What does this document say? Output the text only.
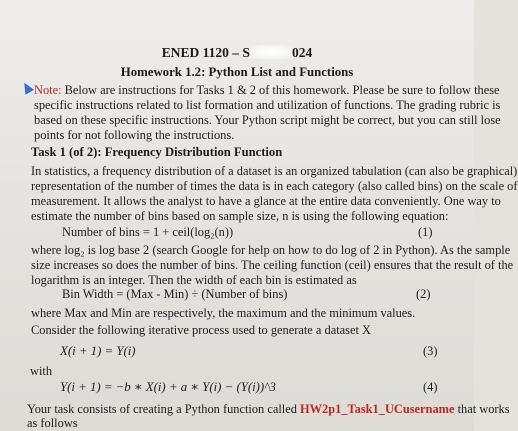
ENED 1120 – S	024
Homework 1.2: Python List and Functions
Note: Below are instructions for Tasks 1 & 2 of this homework. Please be sure to follow these
specific instructions related to list formation and utilization of functions. The grading rubric is
based on these specific instructions. Your Python script might be correct, but you can still lose
points for not following the instructions.
Task 1 (of 2): Frequency Distribution Function
In statistics, a frequency distribution of a dataset is an organized tabulation (can also be graphical)
representation of the number of times the data is in each category (also called bins) on the scale of
measurement. It allows the analyst to have a glance at the entire data conveniently. One way to
estimate the number of bins based on sample size, n is using the following equation:
Number of bins = 1 + ceil(log₂(n))	(1)
where log₂ is log base 2 (search Google for help on how to do log of 2 in Python). As the sample
size increases so does the number of bins. The ceiling function (ceil) ensures that the result of the
logarithm is an integer. Then the width of each bin is estimated as
Bin Width = (Max - Min) ÷ (Number of bins)	(2)
where Max and Min are respectively, the maximum and the minimum values.
Consider the following iterative process used to generate a dataset X
X(i + 1) = Y(i)	(3)
with
Y(i + 1) = −b ∗ X(i) + a ∗ Y(i) − (Y(i))^3	(4)
Your task consists of creating a Python function called HW2p1_Task1_UCusername that works
as follows
